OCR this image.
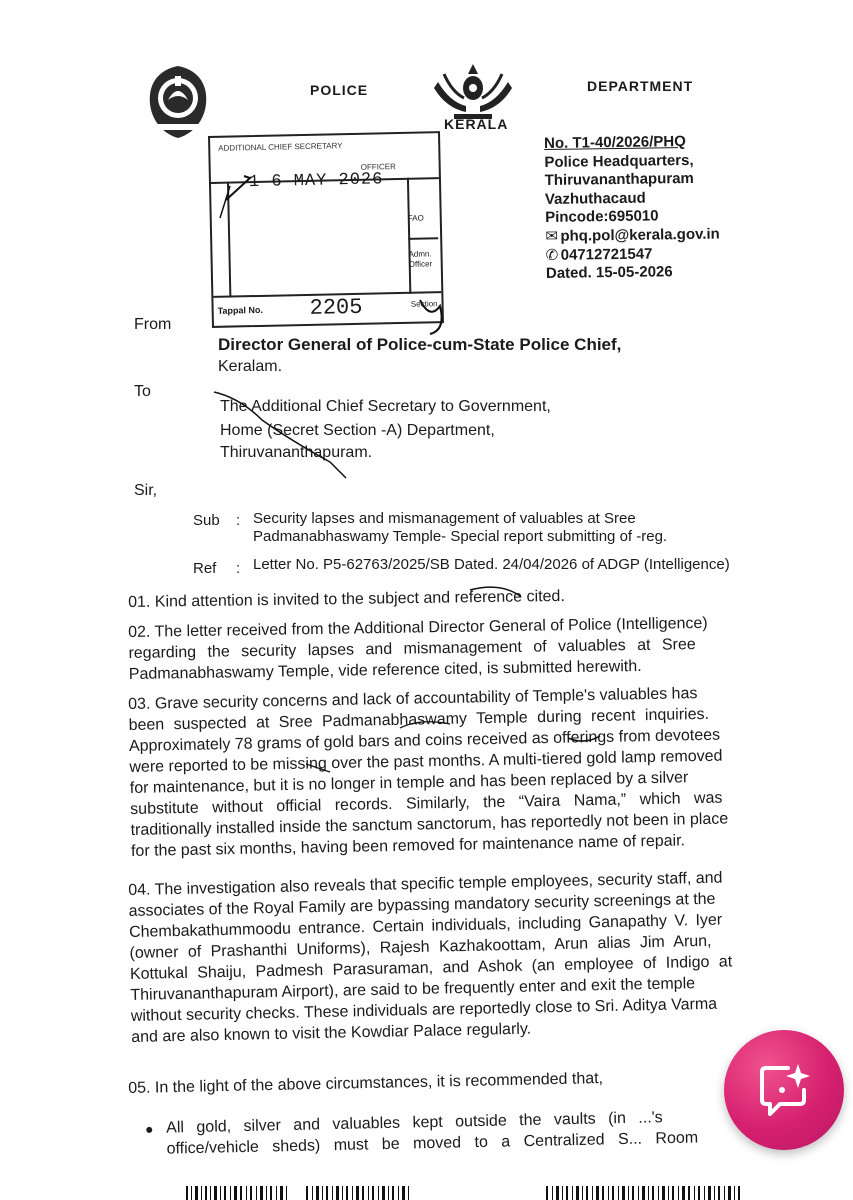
POLICE
KERALA
DEPARTMENT
No. T1-40/2026/PHQ
Police Headquarters,
Thiruvananthapuram
Vazhuthacaud
Pincode:695010
✉ phq.pol@kerala.gov.in
✆ 04712721547
Dated. 15-05-2026
ADDITIONAL CHIEF SECRETARY
OFFICER
1 6 MAY 2026
FAO
Admn. Officer
Tappal No. 2205	Section
From
Director General of Police-cum-State Police Chief,
Keralam.
To
The Additional Chief Secretary to Government,
Home (Secret Section -A) Department,
Thiruvananthapuram.
Sir,
Sub : Security lapses and mismanagement of valuables at Sree
Padmanabhaswamy Temple- Special report submitting of -reg.
Ref : Letter No. P5-62763/2025/SB Dated. 24/04/2026 of ADGP (Intelligence)
01. Kind attention is invited to the subject and reference cited.
02. The letter received from the Additional Director General of Police (Intelligence)
regarding the security lapses and mismanagement of valuables at Sree
Padmanabhaswamy Temple, vide reference cited, is submitted herewith.
03. Grave security concerns and lack of accountability of Temple's valuables has
been suspected at Sree Padmanabhaswamy Temple during recent inquiries.
Approximately 78 grams of gold bars and coins received as offerings from devotees
were reported to be missing over the past months. A multi-tiered gold lamp removed
for maintenance, but it is no longer in temple and has been replaced by a silver
substitute without official records. Similarly, the “Vaira Nama,” which was
traditionally installed inside the sanctum sanctorum, has reportedly not been in place
for the past six months, having been removed for maintenance name of repair.
04. The investigation also reveals that specific temple employees, security staff, and
associates of the Royal Family are bypassing mandatory security screenings at the
Chembakathummoodu entrance. Certain individuals, including Ganapathy V. Iyer
(owner of Prashanthi Uniforms), Rajesh Kazhakoottam, Arun alias Jim Arun,
Kottukal Shaiju, Padmesh Parasuraman, and Ashok (an employee of Indigo at
Thiruvananthapuram Airport), are said to be frequently enter and exit the temple
without security checks. These individuals are reportedly close to Sri. Aditya Varma
and are also known to visit the Kowdiar Palace regularly.
05. In the light of the above circumstances, it is recommended that,
All gold, silver and valuables kept outside the vaults (in ...'s
office/vehicle sheds) must be moved to a Centralized S... Room
